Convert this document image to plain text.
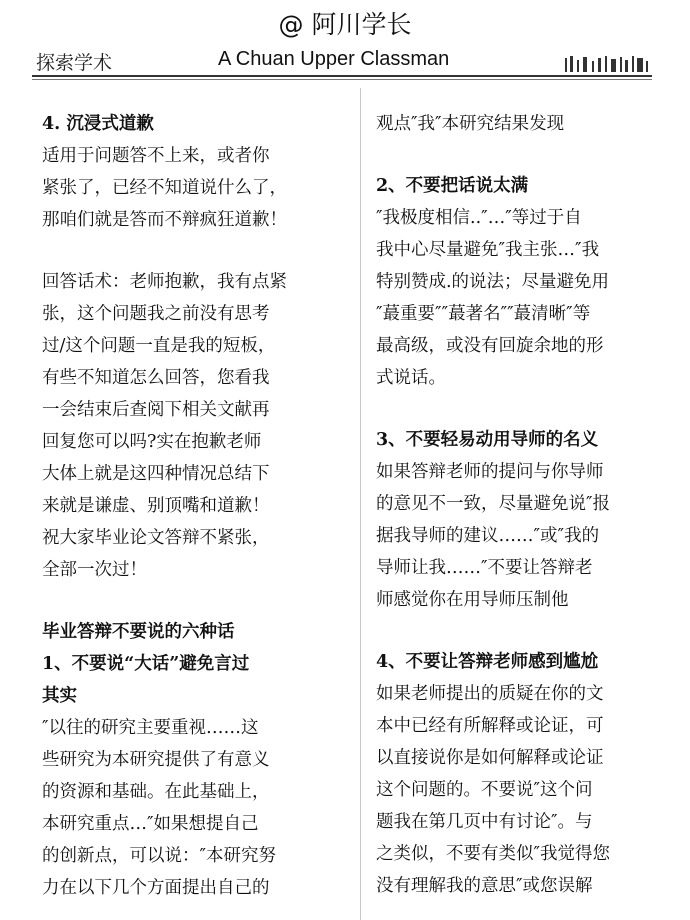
@ 阿川学长
探索学术	A Chuan Upper Classman

4. 沉浸式道歉

适用于问题答不上来，或者你

紧张了，已经不知道说什么了，

那咱们就是答而不辩疯狂道歉！

回答话术：老师抱歉，我有点紧

张，这个问题我之前没有思考

过/这个问题一直是我的短板，

有些不知道怎么回答，您看我

一会结束后查阅下相关文献再

回复您可以吗?实在抱歉老师

大体上就是这四种情况总结下

来就是谦虚、别顶嘴和道歉！

祝大家毕业论文答辩不紧张，

全部一次过！

毕业答辩不要说的六种话

1、不要说“大话”避免言过

其实

″以往的研究主要重视……这

些研究为本研究提供了有意义

的资源和基础。在此基础上，

本研究重点…″如果想提自己

的创新点，可以说：″本研究努

力在以下几个方面提出自己的

观点″我″本研究结果发现

2、不要把话说太满

″我极度相信..″…″等过于自

我中心尽量避免″我主张…″我

特别赞成.的说法；尽量避免用

″蕞重要″″蕞著名″″蕞清晰″等

最高级，或没有回旋余地的形

式说话。

3、不要轻易动用导师的名义

如果答辩老师的提问与你导师

的意见不一致，尽量避免说″报

据我导师的建议……″或″我的

导师让我……″不要让答辩老

师感觉你在用导师压制他

4、不要让答辩老师感到尴尬

如果老师提出的质疑在你的文

本中已经有所解释或论证，可

以直接说你是如何解释或论证

这个问题的。不要说″这个问

题我在第几页中有讨论″。与

之类似，不要有类似″我觉得您

没有理解我的意思″或您误解
